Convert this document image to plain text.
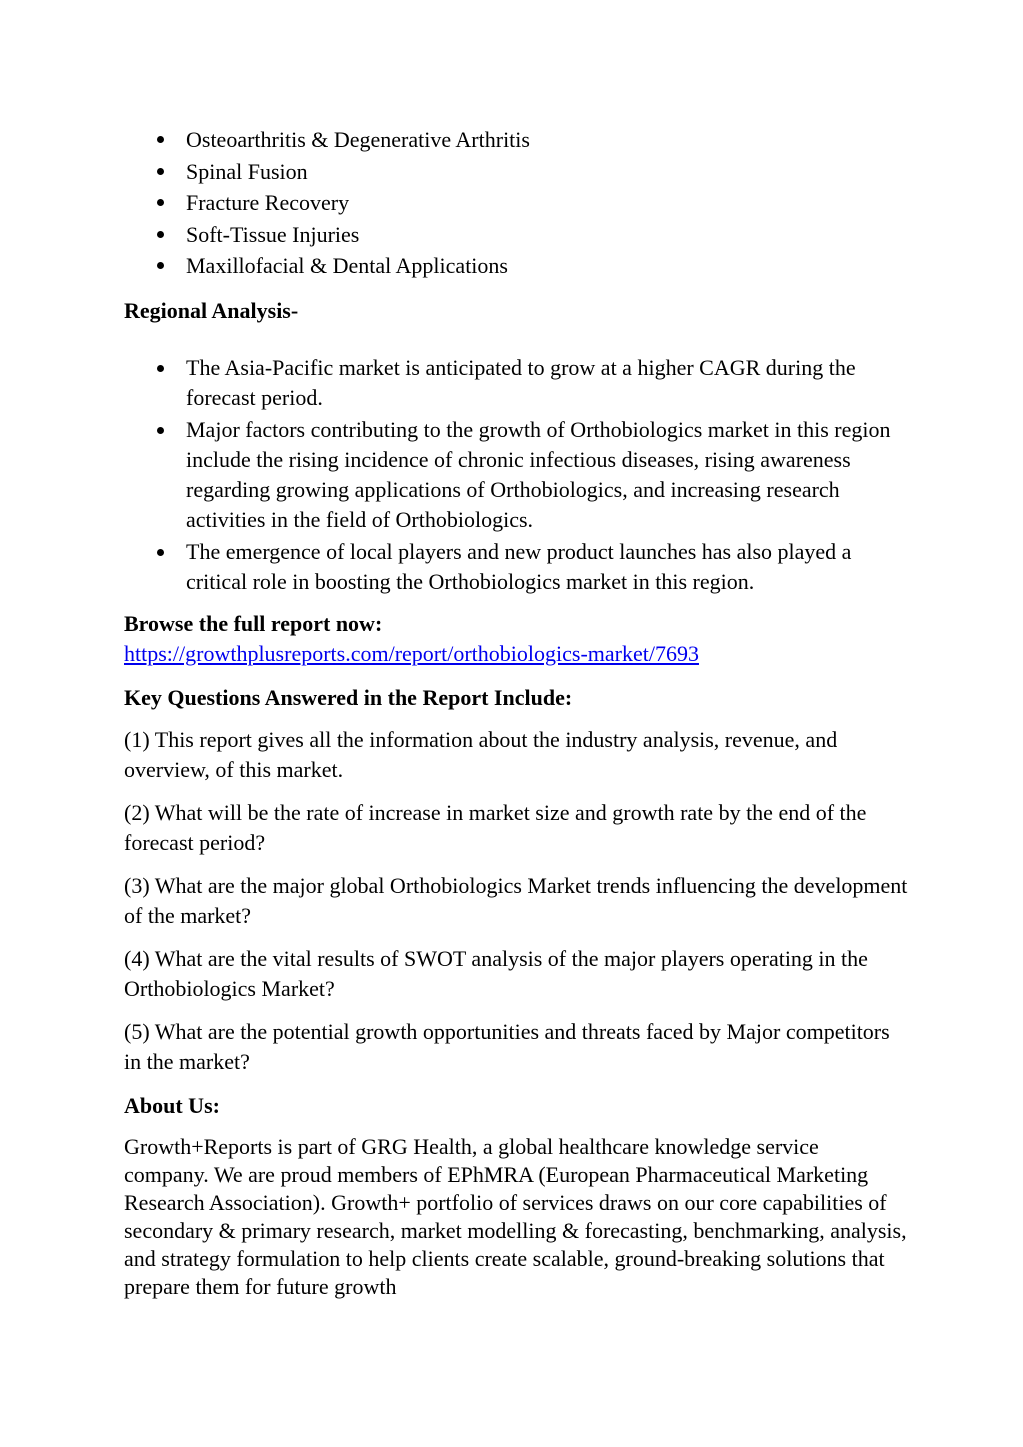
Osteoarthritis & Degenerative Arthritis
Spinal Fusion
Fracture Recovery
Soft-Tissue Injuries
Maxillofacial & Dental Applications
Regional Analysis-
The Asia-Pacific market is anticipated to grow at a higher CAGR during the forecast period.
Major factors contributing to the growth of Orthobiologics market in this region include the rising incidence of chronic infectious diseases, rising awareness regarding growing applications of Orthobiologics, and increasing research activities in the field of Orthobiologics.
The emergence of local players and new product launches has also played a critical role in boosting the Orthobiologics market in this region.
Browse the full report now:
https://growthplusreports.com/report/orthobiologics-market/7693
Key Questions Answered in the Report Include:

(1) This report gives all the information about the industry analysis, revenue, and overview, of this market.

(2) What will be the rate of increase in market size and growth rate by the end of the forecast period?

(3) What are the major global Orthobiologics Market trends influencing the development of the market?

(4) What are the vital results of SWOT analysis of the major players operating in the Orthobiologics Market?

(5) What are the potential growth opportunities and threats faced by Major competitors in the market?

About Us:

Growth+Reports is part of GRG Health, a global healthcare knowledge service company. We are proud members of EPhMRA (European Pharmaceutical Marketing Research Association). Growth+ portfolio of services draws on our core capabilities of secondary & primary research, market modelling & forecasting, benchmarking, analysis, and strategy formulation to help clients create scalable, ground-breaking solutions that prepare them for future growth
